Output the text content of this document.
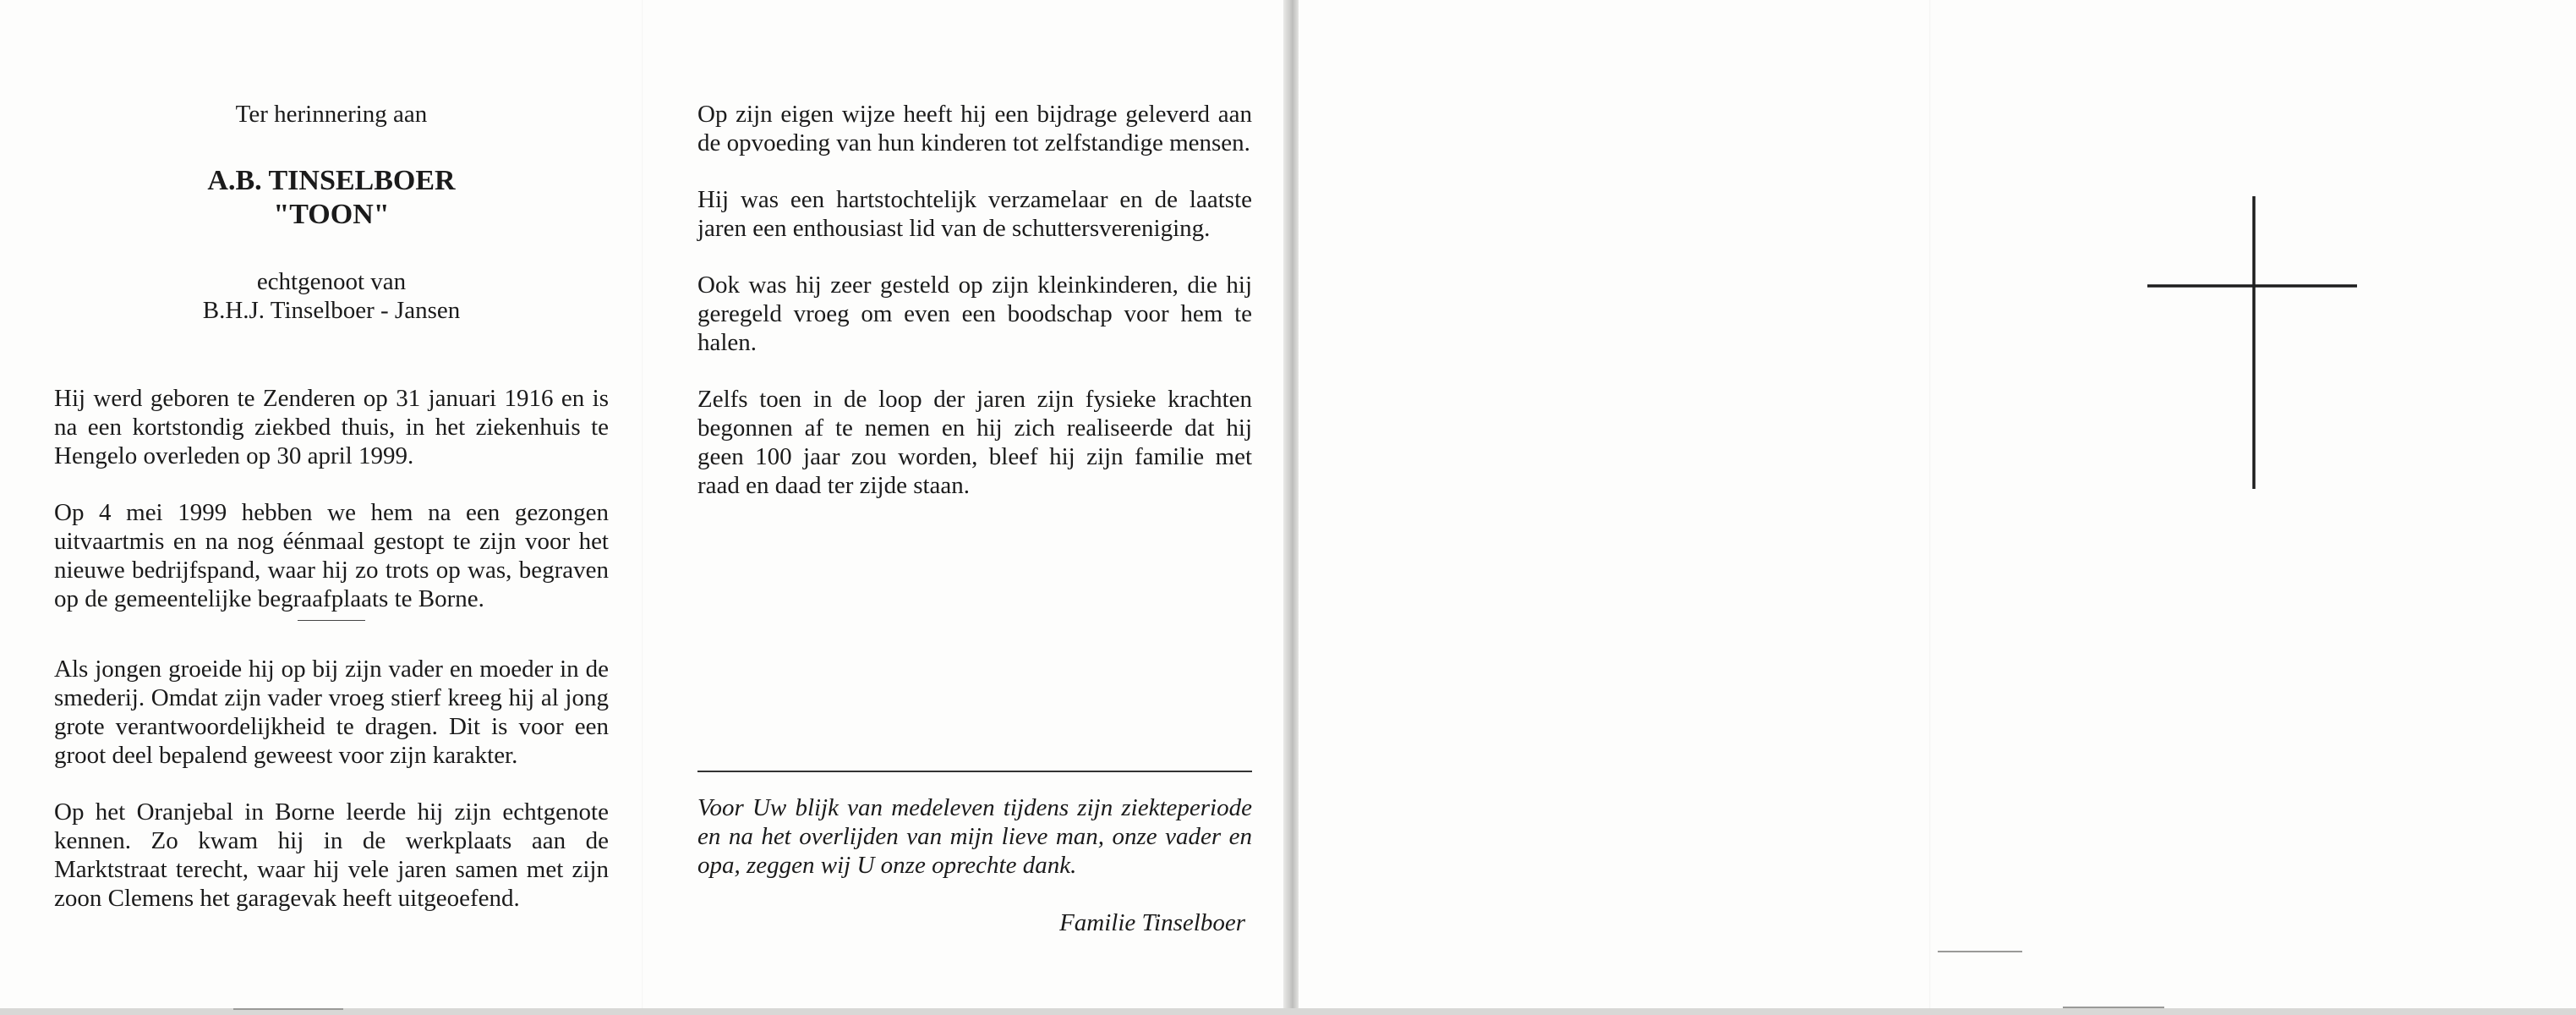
Ter herinnering aan

A.B. TINSELBOER

"TOON"

echtgenoot van

B.H.J. Tinselboer - Jansen

Hij werd geboren te Zenderen op 31 januari 1916 en is na een kortstondig ziekbed thuis, in het ziekenhuis te Hengelo overleden op 30 april 1999.

Op 4 mei 1999 hebben we hem na een gezongen uitvaartmis en na nog éénmaal gestopt te zijn voor het nieuwe bedrijfspand, waar hij zo trots op was, begraven op de gemeentelijke begraafplaats te Borne.

Als jongen groeide hij op bij zijn vader en moeder in de smederij. Omdat zijn vader vroeg stierf kreeg hij al jong grote verantwoordelijkheid te dragen. Dit is voor een groot deel bepalend geweest voor zijn karakter.

Op het Oranjebal in Borne leerde hij zijn echtgenote kennen. Zo kwam hij in de werkplaats aan de Marktstraat terecht, waar hij vele jaren samen met zijn zoon Clemens het garagevak heeft uitgeoefend.

Op zijn eigen wijze heeft hij een bijdrage geleverd aan de opvoeding van hun kinderen tot zelfstandige mensen.

Hij was een hartstochtelijk verzamelaar en de laatste jaren een enthousiast lid van de schuttersvereniging.

Ook was hij zeer gesteld op zijn kleinkinderen, die hij geregeld vroeg om even een boodschap voor hem te halen.

Zelfs toen in de loop der jaren zijn fysieke krachten begonnen af te nemen en hij zich realiseerde dat hij geen 100 jaar zou worden, bleef hij zijn familie met raad en daad ter zijde staan.

Voor Uw blijk van medeleven tijdens zijn ziekteperiode en na het overlijden van mijn lieve man, onze vader en opa, zeggen wij U onze oprechte dank.

Familie Tinselboer
